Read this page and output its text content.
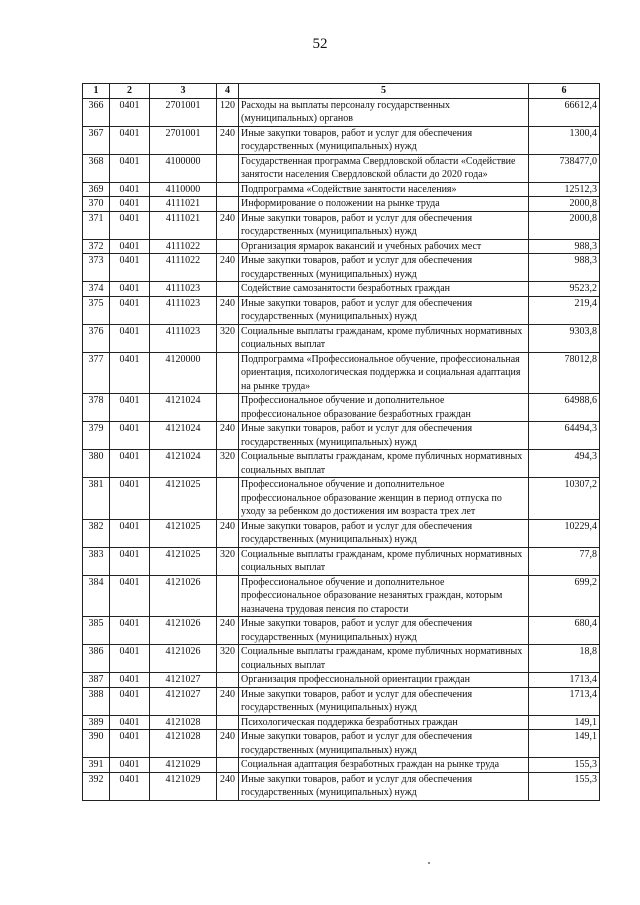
52
1	2	3	4	5	6
366	0401	2701001	120	Расходы на выплаты персоналу государственных (муниципальных) органов	66612,4
367	0401	2701001	240	Иные закупки товаров, работ и услуг для обеспечения государственных (муниципальных) нужд	1300,4
368	0401	4100000		Государственная программа Свердловской области «Содействие занятости населения Свердловской области до 2020 года»	738477,0
369	0401	4110000		Подпрограмма «Содействие занятости населения»	12512,3
370	0401	4111021		Информирование о положении на рынке труда	2000,8
371	0401	4111021	240	Иные закупки товаров, работ и услуг для обеспечения государственных (муниципальных) нужд	2000,8
372	0401	4111022		Организация ярмарок вакансий и учебных рабочих мест	988,3
373	0401	4111022	240	Иные закупки товаров, работ и услуг для обеспечения государственных (муниципальных) нужд	988,3
374	0401	4111023		Содействие самозанятости безработных граждан	9523,2
375	0401	4111023	240	Иные закупки товаров, работ и услуг для обеспечения государственных (муниципальных) нужд	219,4
376	0401	4111023	320	Социальные выплаты гражданам, кроме публичных нормативных социальных выплат	9303,8
377	0401	4120000		Подпрограмма «Профессиональное обучение, профессиональная ориентация, психологическая поддержка и социальная адаптация на рынке труда»	78012,8
378	0401	4121024		Профессиональное обучение и дополнительное профессиональное образование безработных граждан	64988,6
379	0401	4121024	240	Иные закупки товаров, работ и услуг для обеспечения государственных (муниципальных) нужд	64494,3
380	0401	4121024	320	Социальные выплаты гражданам, кроме публичных нормативных социальных выплат	494,3
381	0401	4121025		Профессиональное обучение и дополнительное профессиональное образование женщин в период отпуска по уходу за ребенком до достижения им возраста трех лет	10307,2
382	0401	4121025	240	Иные закупки товаров, работ и услуг для обеспечения государственных (муниципальных) нужд	10229,4
383	0401	4121025	320	Социальные выплаты гражданам, кроме публичных нормативных социальных выплат	77,8
384	0401	4121026		Профессиональное обучение и дополнительное профессиональное образование незанятых граждан, которым назначена трудовая пенсия по старости	699,2
385	0401	4121026	240	Иные закупки товаров, работ и услуг для обеспечения государственных (муниципальных) нужд	680,4
386	0401	4121026	320	Социальные выплаты гражданам, кроме публичных нормативных социальных выплат	18,8
387	0401	4121027		Организация профессиональной ориентации граждан	1713,4
388	0401	4121027	240	Иные закупки товаров, работ и услуг для обеспечения государственных (муниципальных) нужд	1713,4
389	0401	4121028		Психологическая поддержка безработных граждан	149,1
390	0401	4121028	240	Иные закупки товаров, работ и услуг для обеспечения государственных (муниципальных) нужд	149,1
391	0401	4121029		Социальная адаптация безработных граждан на рынке труда	155,3
392	0401	4121029	240	Иные закупки товаров, работ и услуг для обеспечения государственных (муниципальных) нужд	155,3
